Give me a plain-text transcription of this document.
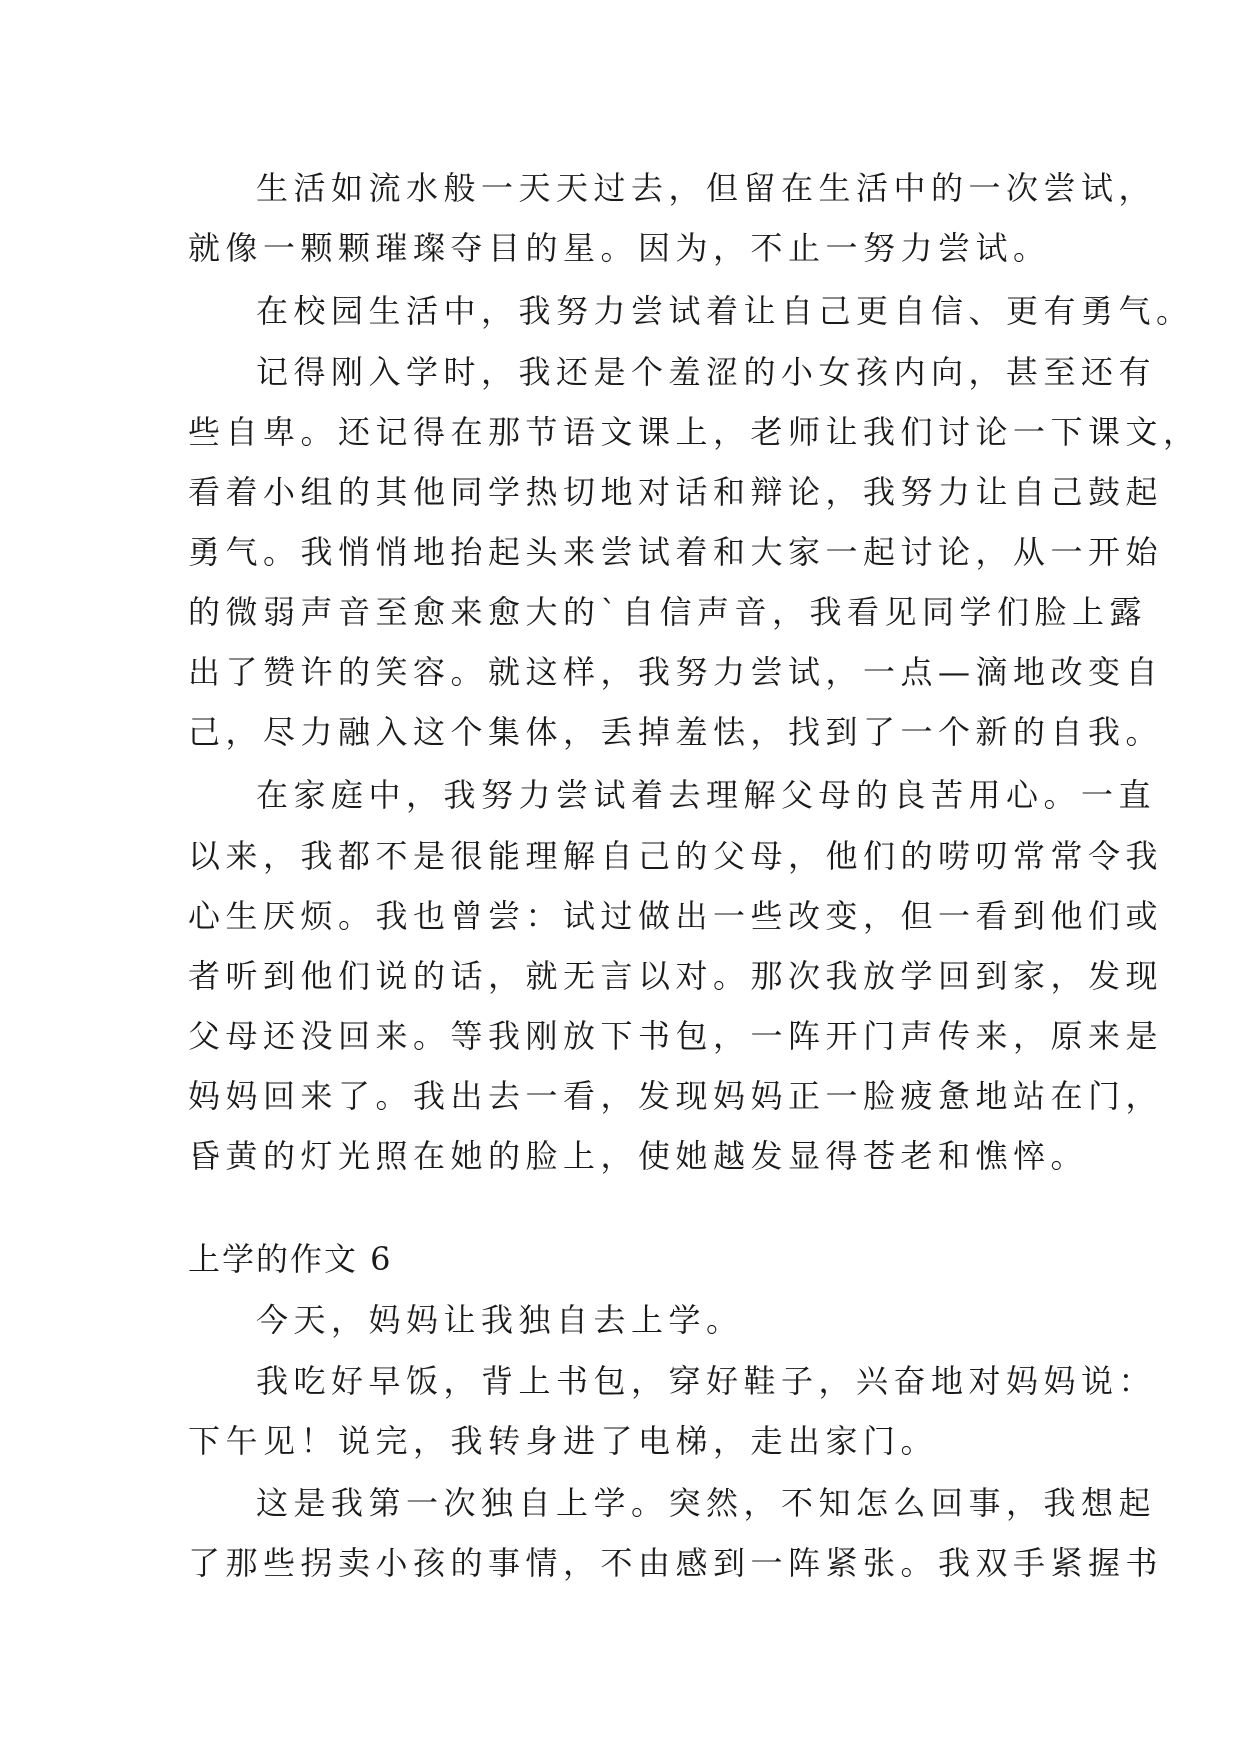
生活如流水般一天天过去，但留在生活中的一次尝试，
就像一颗颗璀璨夺目的星。因为，不止一努力尝试。
在校园生活中，我努力尝试着让自己更自信、更有勇气。
记得刚入学时，我还是个羞涩的小女孩内向，甚至还有
些自卑。还记得在那节语文课上，老师让我们讨论一下课文，
看着小组的其他同学热切地对话和辩论，我努力让自己鼓起
勇气。我悄悄地抬起头来尝试着和大家一起讨论，从一开始
的微弱声音至愈来愈大的`自信声音，我看见同学们脸上露
出了赞许的笑容。就这样，我努力尝试，一点—滴地改变自
己，尽力融入这个集体，丢掉羞怯，找到了一个新的自我。
在家庭中，我努力尝试着去理解父母的良苦用心。一直
以来，我都不是很能理解自己的父母，他们的唠叨常常令我
心生厌烦。我也曾尝：试过做出一些改变，但一看到他们或
者听到他们说的话，就无言以对。那次我放学回到家，发现
父母还没回来。等我刚放下书包，一阵开门声传来，原来是
妈妈回来了。我出去一看，发现妈妈正一脸疲惫地站在门，
昏黄的灯光照在她的脸上，使她越发显得苍老和憔悴。
上学的作文 6
今天，妈妈让我独自去上学。
我吃好早饭，背上书包，穿好鞋子，兴奋地对妈妈说：
下午见！说完，我转身进了电梯，走出家门。
这是我第一次独自上学。突然，不知怎么回事，我想起
了那些拐卖小孩的事情，不由感到一阵紧张。我双手紧握书
